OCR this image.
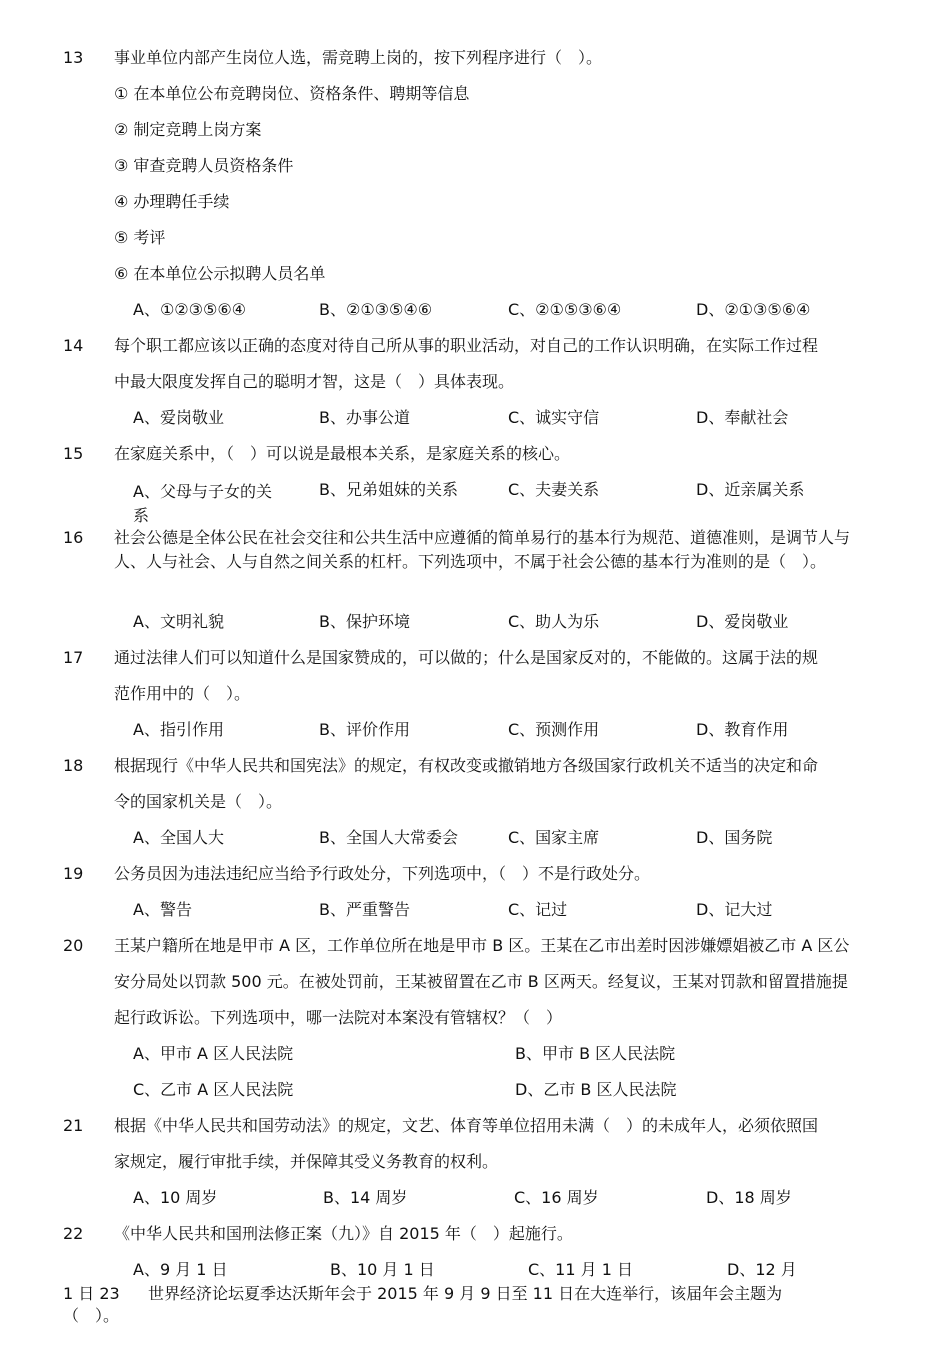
13 事业单位内部产生岗位人选，需竞聘上岗的，按下列程序进行（　）。
① 在本单位公布竞聘岗位、资格条件、聘期等信息
② 制定竞聘上岗方案
③ 审查竞聘人员资格条件
④ 办理聘任手续
⑤ 考评
⑥ 在本单位公示拟聘人员名单
A、①②③⑤⑥④	B、②①③⑤④⑥	C、②①⑤③⑥④	D、②①③⑤⑥④
14 每个职工都应该以正确的态度对待自己所从事的职业活动，对自己的工作认识明确，在实际工作过程
中最大限度发挥自己的聪明才智，这是（　）具体表现。
A、爱岗敬业	B、办事公道	C、诚实守信	D、奉献社会
15 在家庭关系中，（　）可以说是最根本关系，是家庭关系的核心。
A、父母与子女的关系
B、兄弟姐妹的关系	C、夫妻关系	D、近亲属关系
16 社会公德是全体公民在社会交往和公共生活中应遵循的简单易行的基本行为规范、道德准则，是调节人与人、人与社会、人与自然之间关系的杠杆。下列选项中，不属于社会公德的基本行为准则的是（　）。
A、文明礼貌	B、保护环境	C、助人为乐	D、爱岗敬业
17 通过法律人们可以知道什么是国家赞成的，可以做的；什么是国家反对的，不能做的。这属于法的规
范作用中的（　）。
A、指引作用	B、评价作用	C、预测作用	D、教育作用
18 根据现行《中华人民共和国宪法》的规定，有权改变或撤销地方各级国家行政机关不适当的决定和命
令的国家机关是（　）。
A、全国人大	B、全国人大常委会	C、国家主席	D、国务院
19 公务员因为违法违纪应当给予行政处分，下列选项中，（　）不是行政处分。
A、警告	B、严重警告	C、记过	D、记大过
20 王某户籍所在地是甲市 A 区，工作单位所在地是甲市 B 区。王某在乙市出差时因涉嫌嫖娼被乙市 A 区公
安分局处以罚款 500 元。在被处罚前，王某被留置在乙市 B 区两天。经复议，王某对罚款和留置措施提
起行政诉讼。下列选项中，哪一法院对本案没有管辖权？（　）
A、甲市 A 区人民法院	B、甲市 B 区人民法院
C、乙市 A 区人民法院	D、乙市 B 区人民法院
21 根据《中华人民共和国劳动法》的规定，文艺、体育等单位招用未满（　）的未成年人，必须依照国
家规定，履行审批手续，并保障其受义务教育的权利。
A、10 周岁	B、14 周岁	C、16 周岁	D、18 周岁
22 《中华人民共和国刑法修正案（九）》自 2015 年（　）起施行。
A、9 月 1 日	B、10 月 1 日	C、11 月 1 日	D、12 月
1 日 23 世界经济论坛夏季达沃斯年会于 2015 年 9 月 9 日至 11 日在大连举行，该届年会主题为
（　）。
